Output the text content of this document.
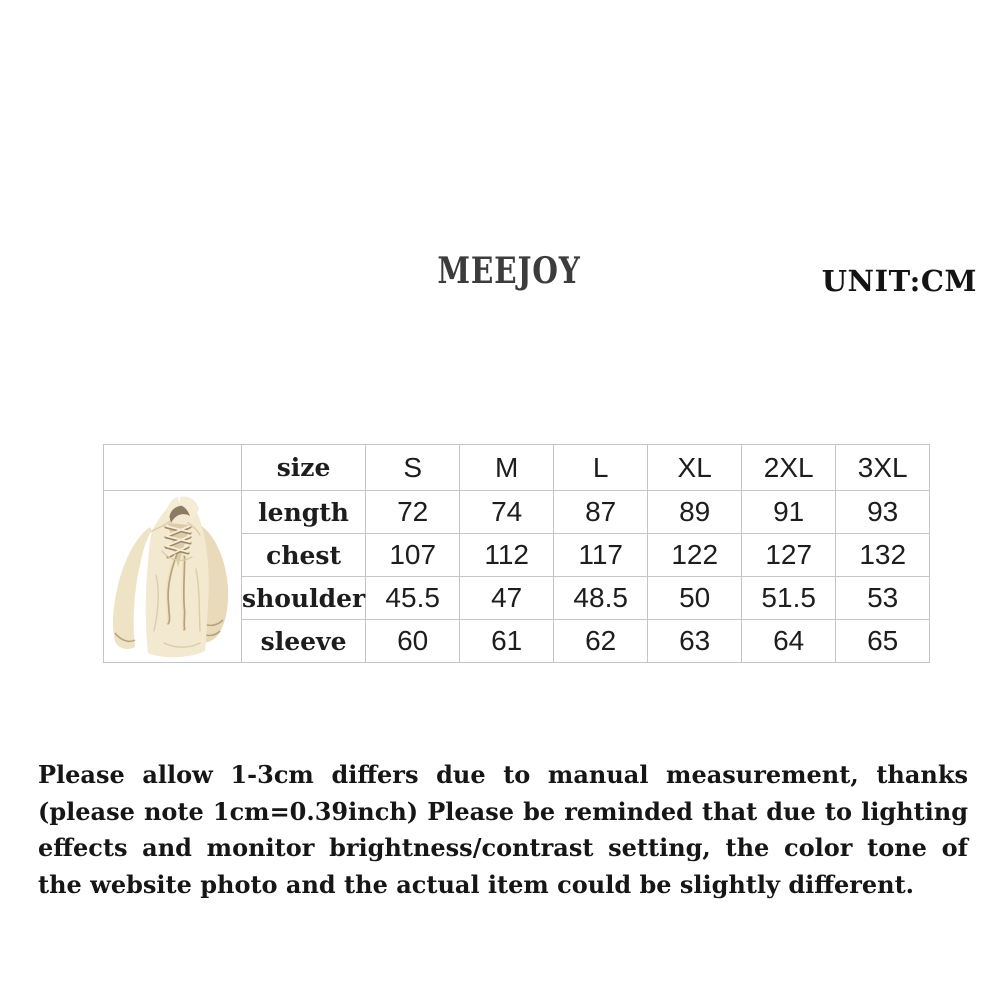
MEEJOY	UNIT:CM
	size	S	M	L	XL	2XL	3XL

	length	72	74	87	89	91	93
	chest	107	112	117	122	127	132
	shoulder	45.5	47	48.5	50	51.5	53
	sleeve	60	61	62	63	64	65
Please allow 1-3cm differs due to manual measurement, thanks (please note 1cm=0.39inch) Please be reminded that due to lighting effects and monitor brightness/contrast setting, the color tone of the website photo and the actual item could be slightly different.
